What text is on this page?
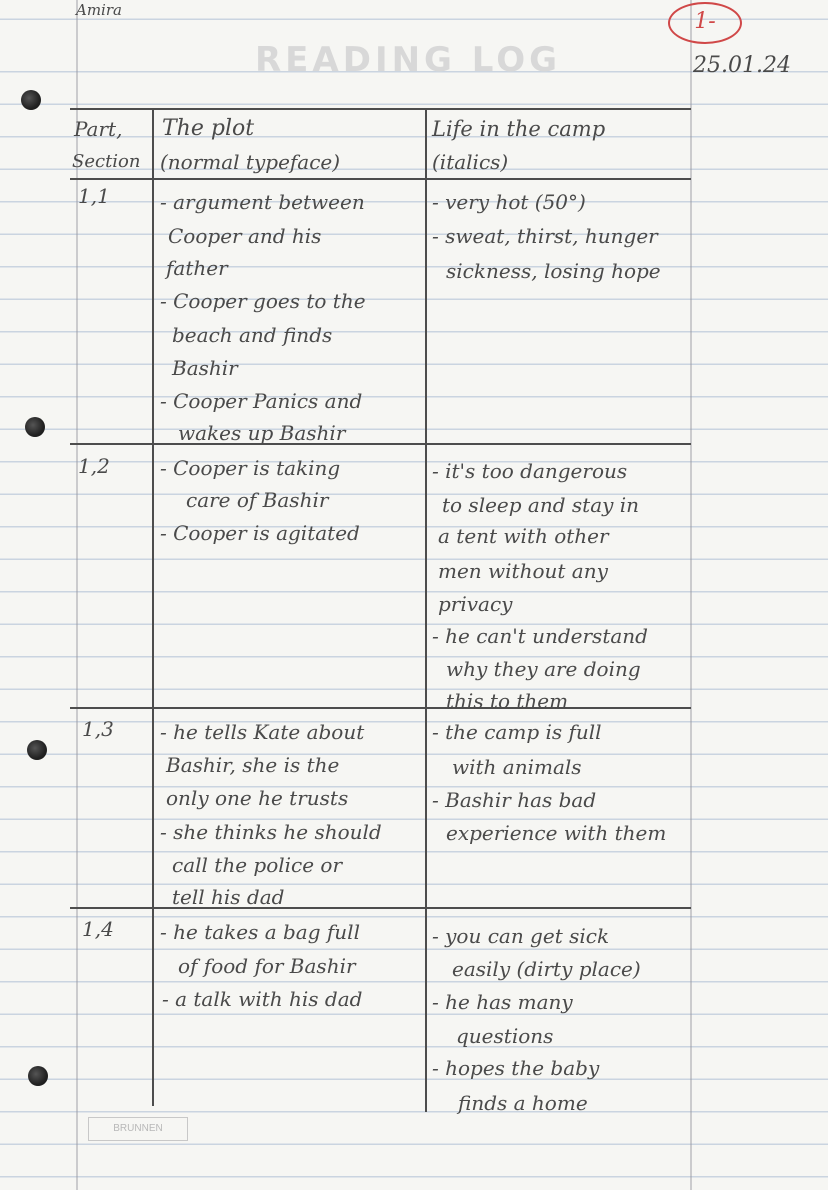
Amira
READING LOG
1-
25.01.24
Part,
Section
The plot
(normal typeface)
Life in the camp
(italics)
1,1	- argument between
Cooper and his
father
- Cooper goes to the
beach and finds
Bashir
- Cooper Panics and
wakes up Bashir
- very hot (50°)
- sweat, thirst, hunger
sickness, losing hope
1,2	- Cooper is taking
care of Bashir
- Cooper is agitated
- it's too dangerous
to sleep and stay in
a tent with other
men without any
privacy
- he can't understand
why they are doing
this to them
1,3 - he tells Kate about
Bashir, she is the
only one he trusts
- she thinks he should
call the police or
tell his dad
- the camp is full
with animals
- Bashir has bad
experience with them
1,4 - he takes a bag full
of food for Bashir
- a talk with his dad
- you can get sick
easily (dirty place)
- he has many
questions
- hopes the baby
finds a home
BRUNNEN
